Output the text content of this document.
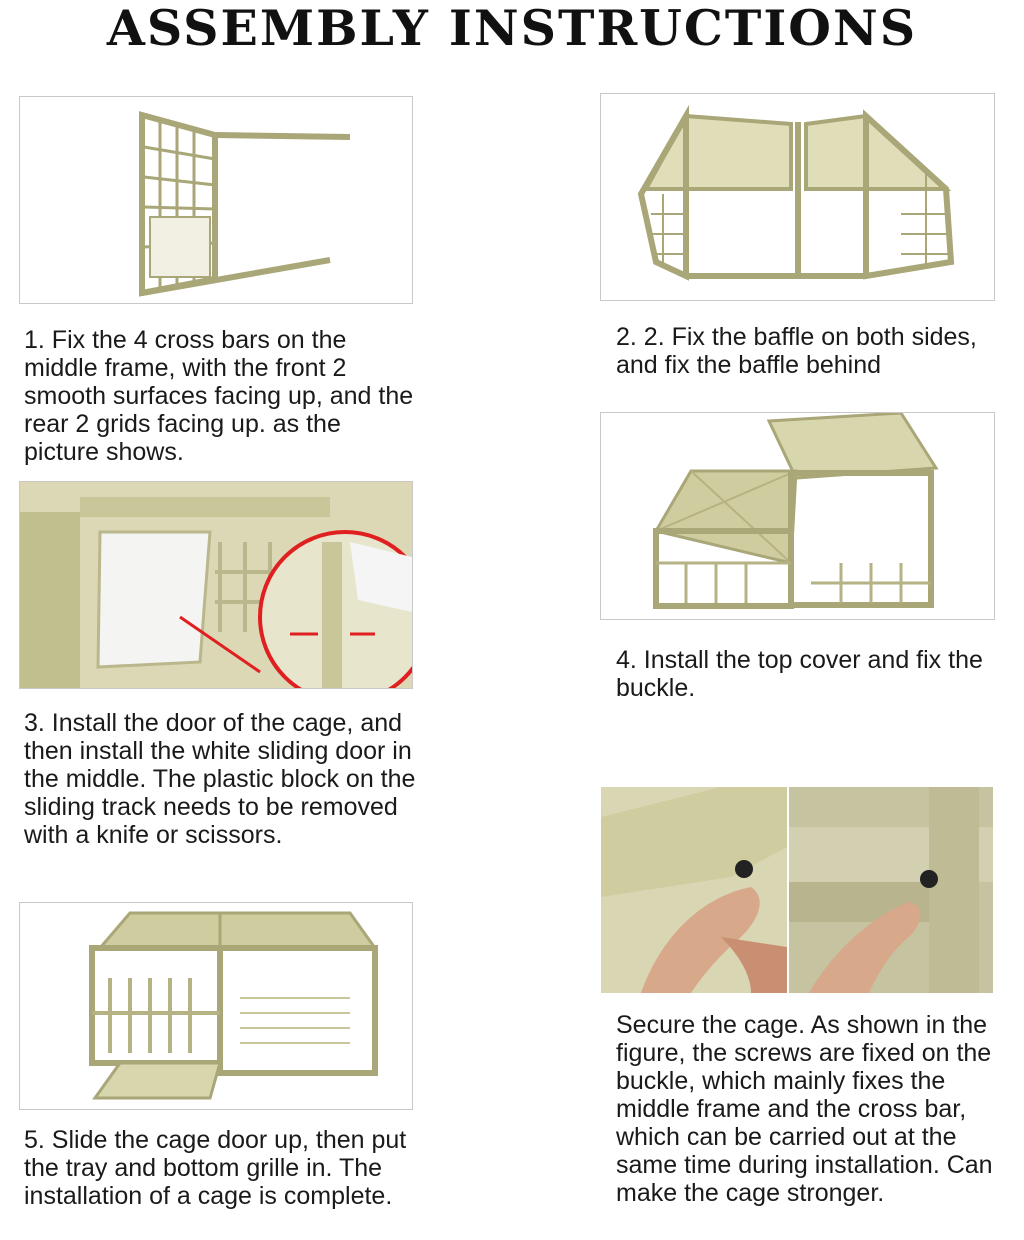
ASSEMBLY INSTRUCTIONS
1. Fix the 4 cross bars on the middle frame, with the front 2 smooth surfaces facing up, and the rear 2 grids facing up. as the picture shows.
2. 2. Fix the baffle on both sides, and fix the baffle behind
4. Install the top cover and fix the buckle.
3. Install the door of the cage, and then install the white sliding door in the middle. The plastic block on the sliding track needs to be removed with a knife or scissors.
Secure the cage. As shown in the figure, the screws are fixed on the buckle, which mainly fixes the middle frame and the cross bar, which can be carried out at the same time during installation. Can make the cage stronger.
5. Slide the cage door up, then put the tray and bottom grille in. The installation of a cage is complete.
